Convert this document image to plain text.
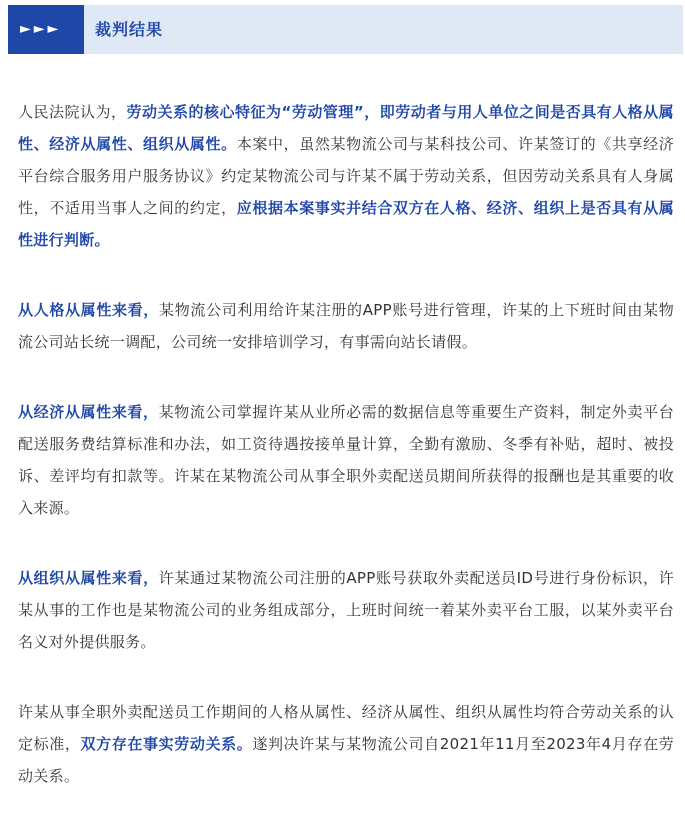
►►► 裁判结果

人民法院认为，劳动关系的核心特征为“劳动管理”，即劳动者与用人单位之间是否具有人格从属性、经济从属性、组织从属性。本案中，虽然某物流公司与某科技公司、许某签订的《共享经济平台综合服务用户服务协议》约定某物流公司与许某不属于劳动关系，但因劳动关系具有人身属性，不适用当事人之间的约定，应根据本案事实并结合双方在人格、经济、组织上是否具有从属性进行判断。

从人格从属性来看，某物流公司利用给许某注册的APP账号进行管理，许某的上下班时间由某物流公司站长统一调配，公司统一安排培训学习，有事需向站长请假。

从经济从属性来看，某物流公司掌握许某从业所必需的数据信息等重要生产资料，制定外卖平台配送服务费结算标准和办法，如工资待遇按接单量计算，全勤有激励、冬季有补贴，超时、被投诉、差评均有扣款等。许某在某物流公司从事全职外卖配送员期间所获得的报酬也是其重要的收入来源。

从组织从属性来看，许某通过某物流公司注册的APP账号获取外卖配送员ID号进行身份标识，许某从事的工作也是某物流公司的业务组成部分，上班时间统一着某外卖平台工服，以某外卖平台名义对外提供服务。

许某从事全职外卖配送员工作期间的人格从属性、经济从属性、组织从属性均符合劳动关系的认定标准，双方存在事实劳动关系。遂判决许某与某物流公司自2021年11月至2023年4月存在劳动关系。
